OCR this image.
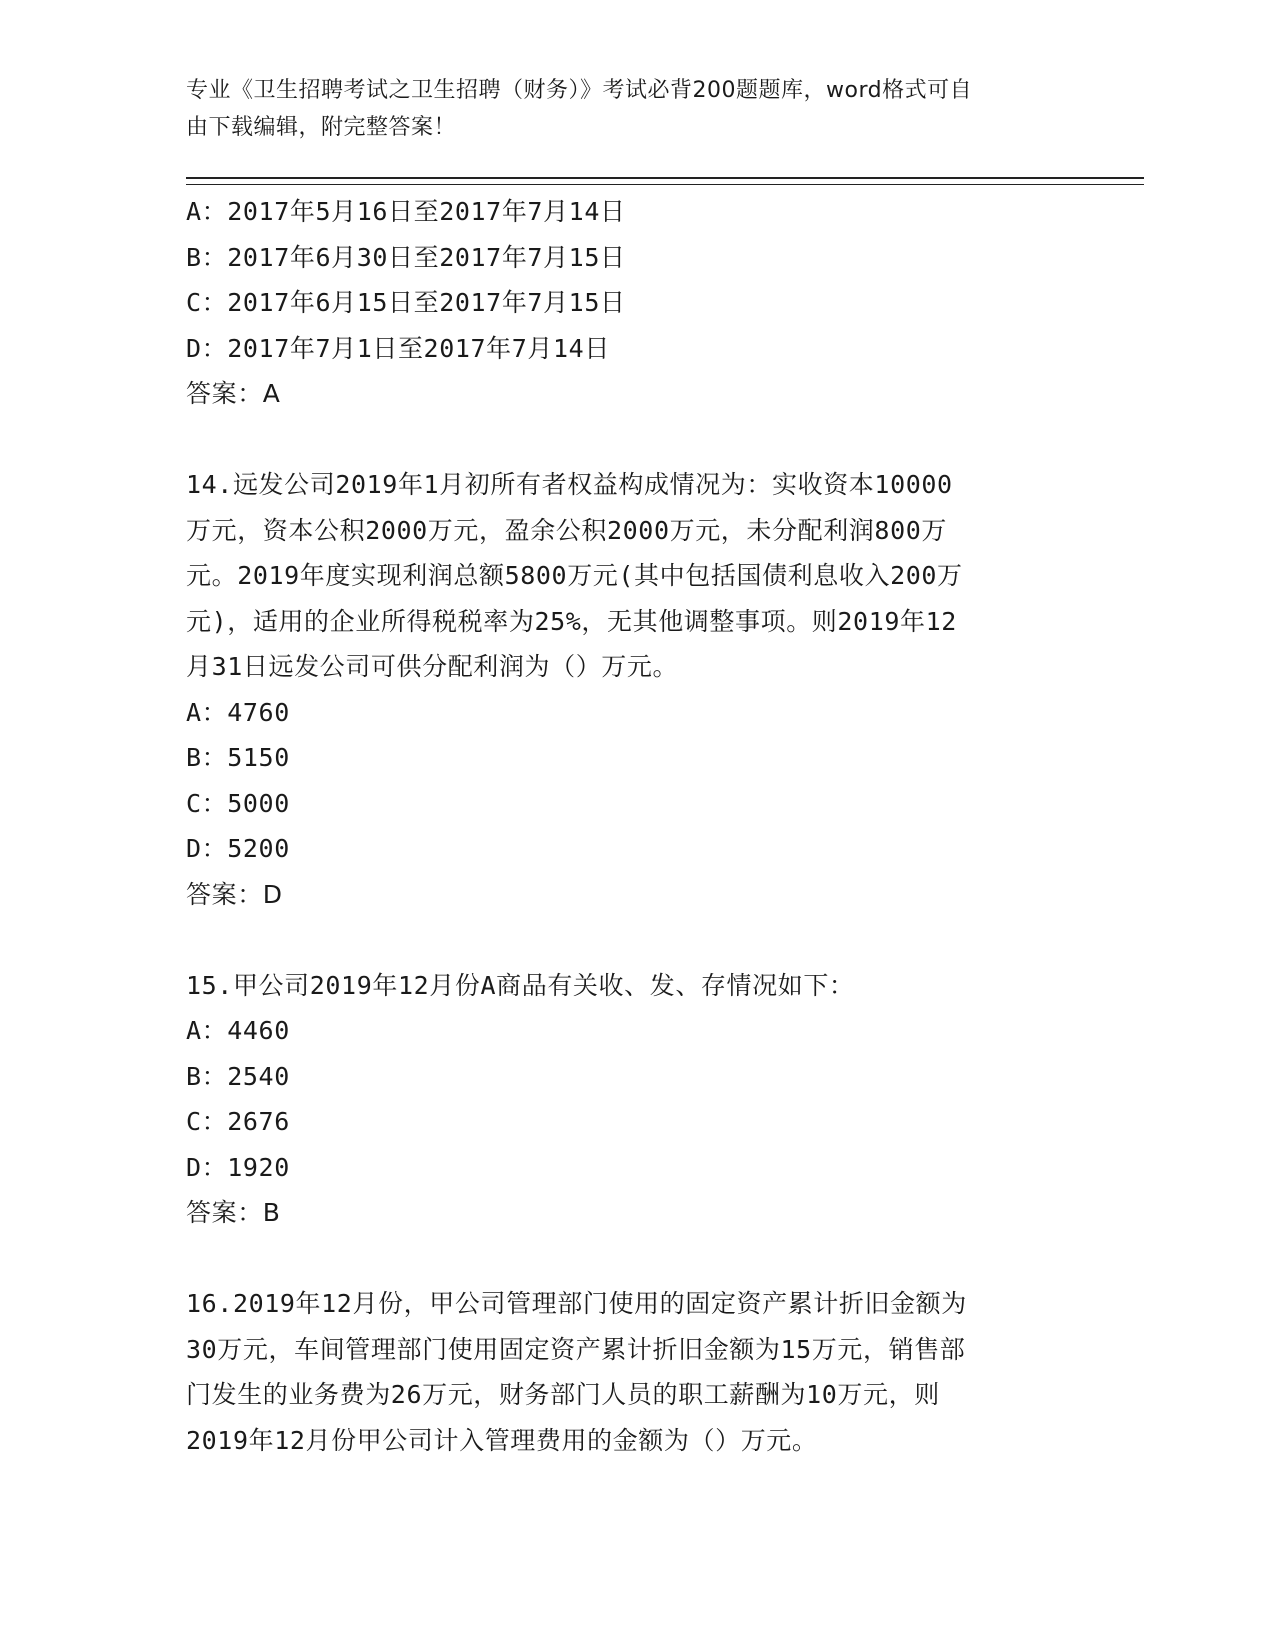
专业《卫生招聘考试之卫生招聘（财务）》考试必背200题题库，word格式可自
由下载编辑，附完整答案！
A：2017年5月16日至2017年7月14日
B：2017年6月30日至2017年7月15日
C：2017年6月15日至2017年7月15日
D：2017年7月1日至2017年7月14日
答案：A
14.远发公司2019年1月初所有者权益构成情况为：实收资本10000
万元，资本公积2000万元，盈余公积2000万元，未分配利润800万
元。2019年度实现利润总额5800万元(其中包括国债利息收入200万
元)，适用的企业所得税税率为25%，无其他调整事项。则2019年12
月31日远发公司可供分配利润为（）万元。
A：4760
B：5150
C：5000
D：5200
答案：D
15.甲公司2019年12月份A商品有关收、发、存情况如下：
A：4460
B：2540
C：2676
D：1920
答案：B
16.2019年12月份，甲公司管理部门使用的固定资产累计折旧金额为
30万元，车间管理部门使用固定资产累计折旧金额为15万元，销售部
门发生的业务费为26万元，财务部门人员的职工薪酬为10万元，则
2019年12月份甲公司计入管理费用的金额为（）万元。
